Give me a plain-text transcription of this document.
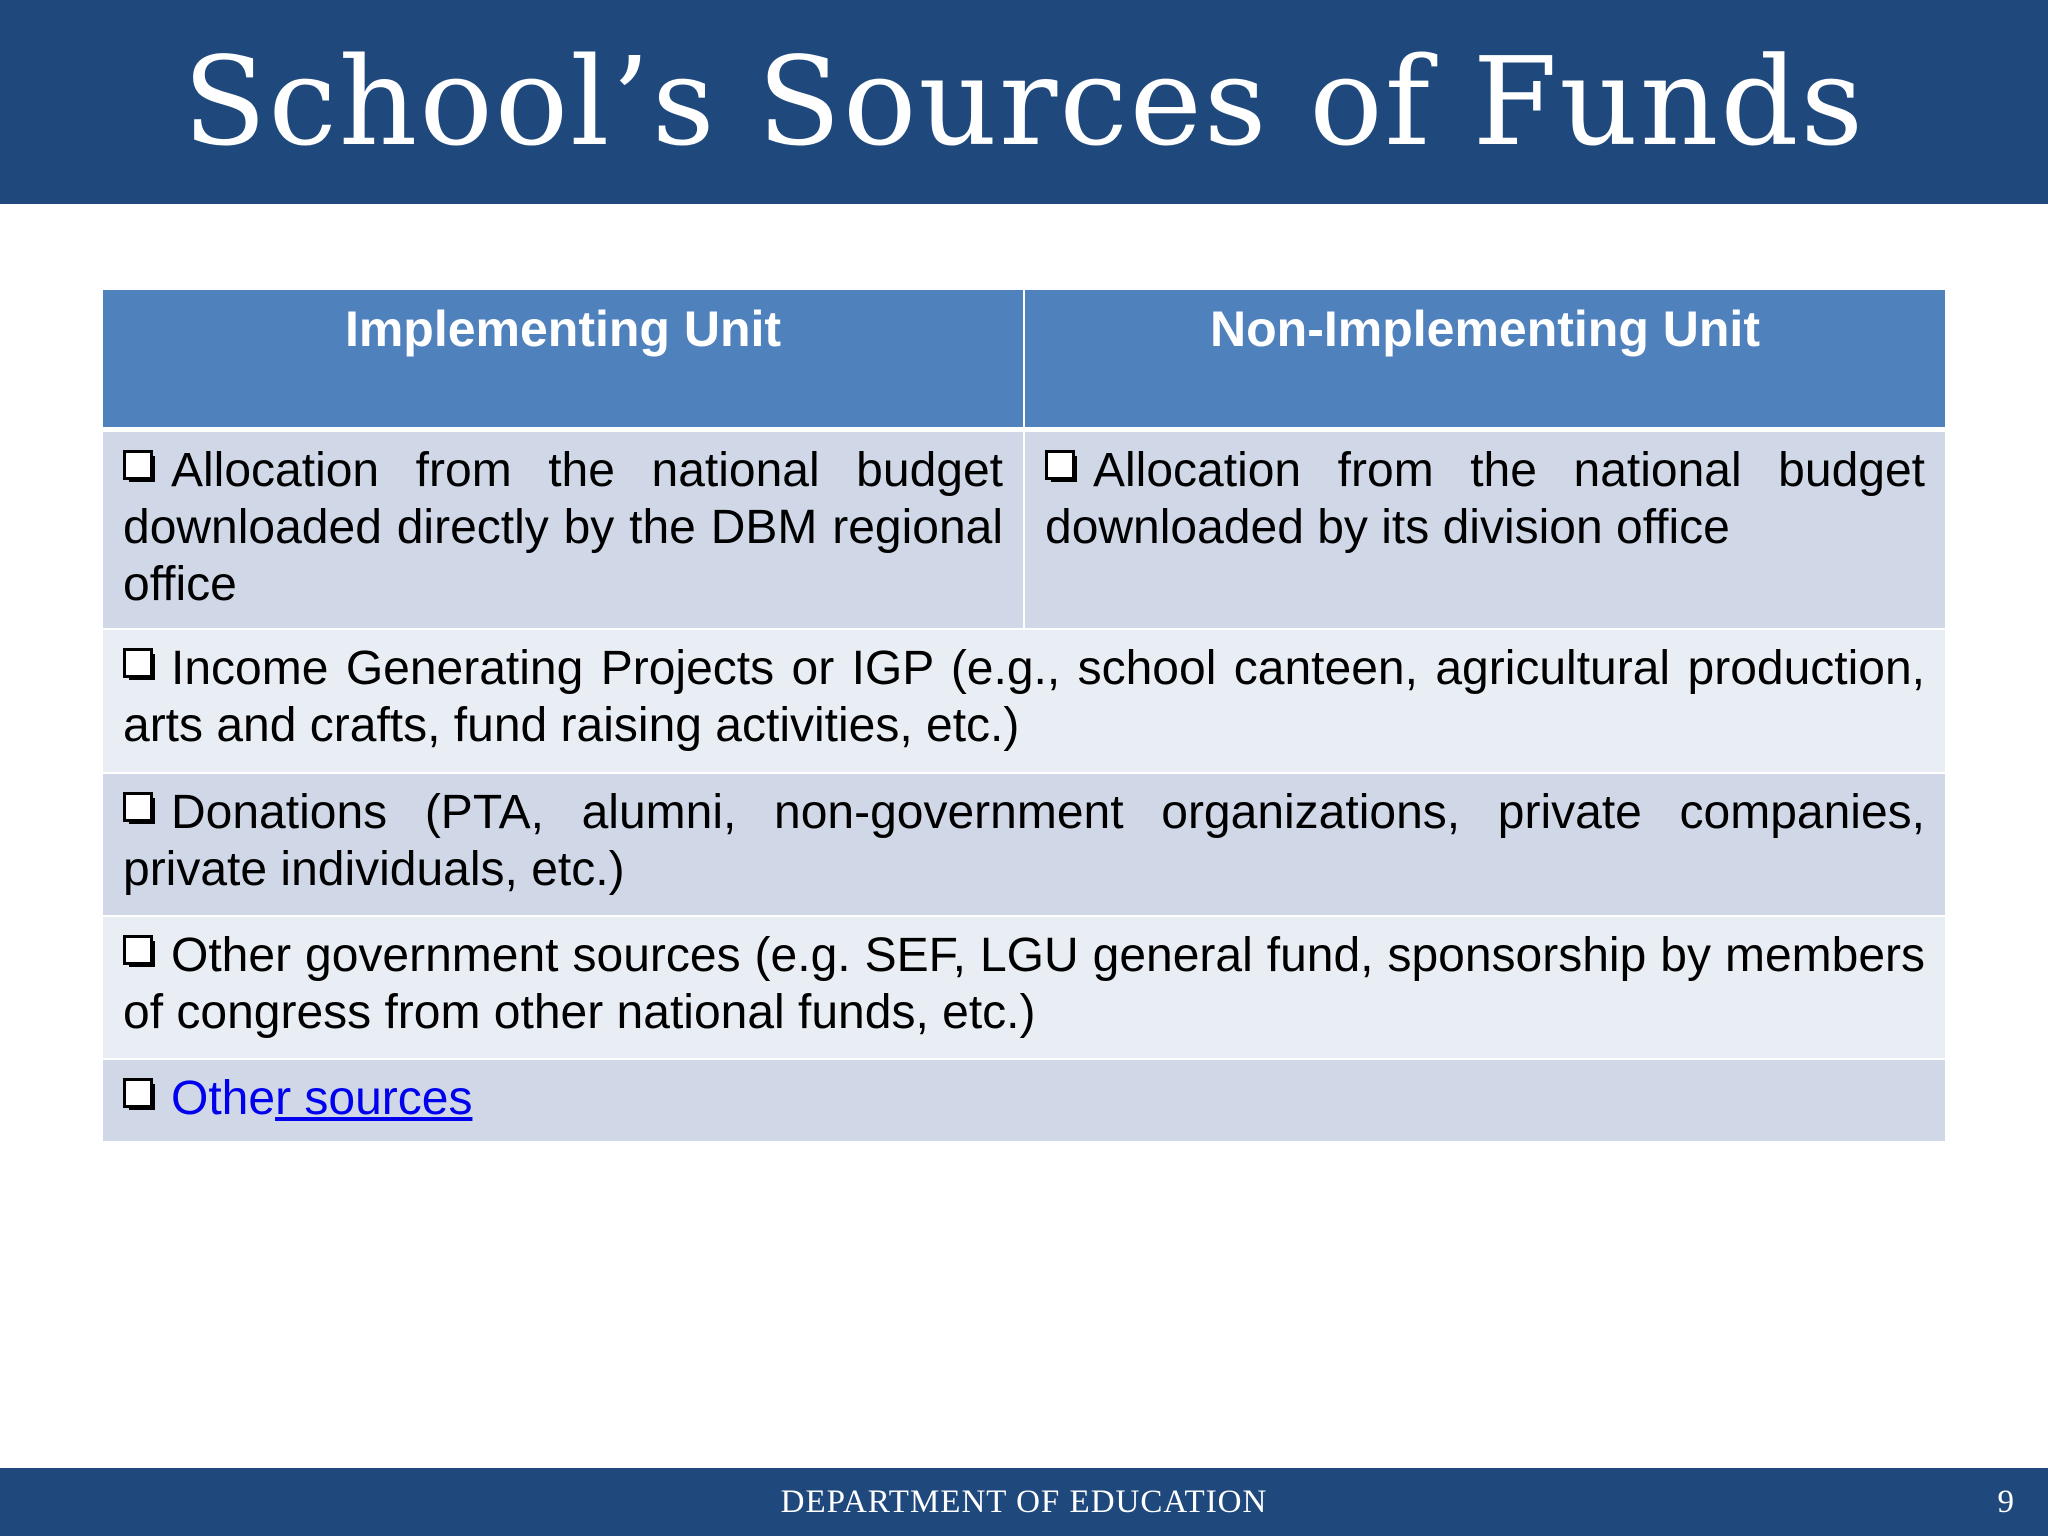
School’s Sources of Funds
Implementing Unit	Non-Implementing Unit
Allocation from the national budget downloaded directly by the DBM regional office	Allocation from the national budget downloaded by its division office
Income Generating Projects or IGP (e.g., school canteen, agricultural production, arts and crafts, fund raising activities, etc.)	
Donations (PTA, alumni, non-government organizations, private companies, private individuals, etc.)	
Other government sources (e.g. SEF, LGU general fund, sponsorship by members of congress from other national funds, etc.)	
Other sources	
DEPARTMENT OF EDUCATION	9
